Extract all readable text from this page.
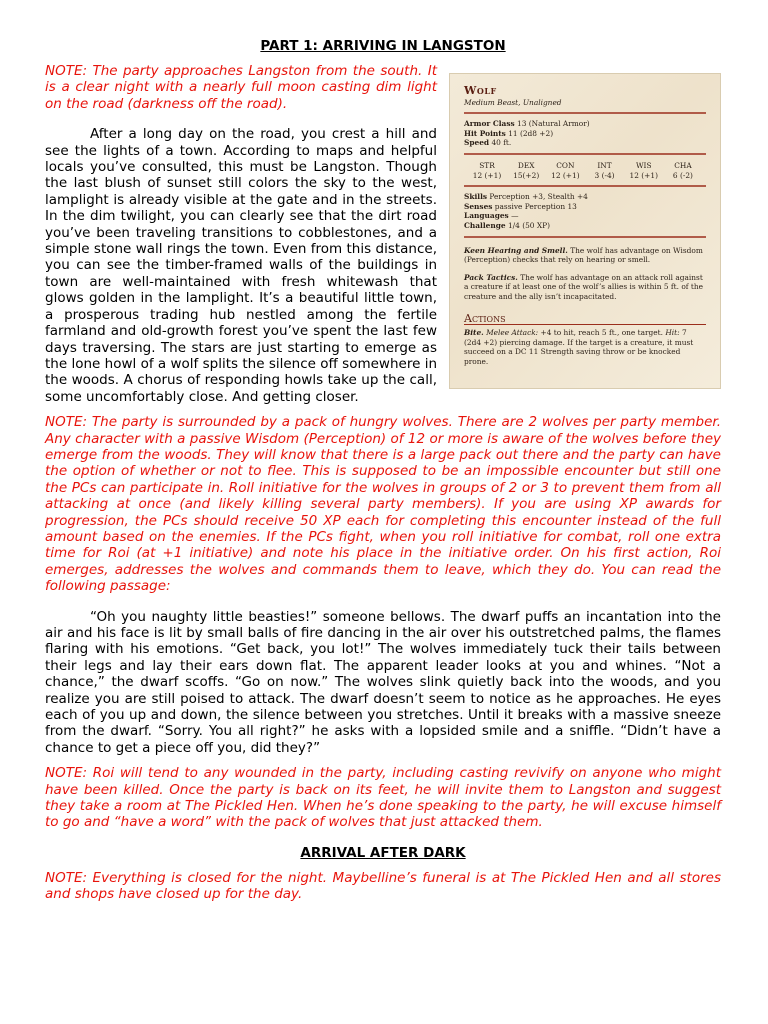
PART 1: ARRIVING IN LANGSTON

Wolf

Medium Beast, Unaligned

Armor Class 13 (Natural Armor)
Hit Points 11 (2d8 +2)
Speed 40 ft.
STR
12 (+1)
DEX
15(+2)
CON
12 (+1)
INT
3 (-4)
WIS
12 (+1)
CHA
6 (-2)
Skills Perception +3, Stealth +4
Senses passive Perception 13
Languages —
Challenge 1/4 (50 XP)

Keen Hearing and Smell. The wolf has advantage on Wisdom (Perception) checks that rely on hearing or smell.

Pack Tactics. The wolf has advantage on an attack roll against a creature if at least one of the wolf’s allies is within 5 ft. of the creature and the ally isn’t incapacitated.

Actions

Bite. Melee Attack: +4 to hit, reach 5 ft., one target. Hit: 7 (2d4 +2) piercing damage. If the target is a creature, it must succeed on a DC 11 Strength saving throw or be knocked prone.

NOTE: The party approaches Langston from the south. It is a clear night with a nearly full moon casting dim light on the road (darkness off the road).

After a long day on the road, you crest a hill and see the lights of a town. According to maps and helpful locals you’ve consulted, this must be Langston. Though the last blush of sunset still colors the sky to the west, lamplight is already visible at the gate and in the streets. In the dim twilight, you can clearly see that the dirt road you’ve been traveling transitions to cobblestones, and a simple stone wall rings the town. Even from this distance, you can see the timber-framed walls of the buildings in town are well-maintained with fresh whitewash that glows golden in the lamplight. It’s a beautiful little town, a prosperous trading hub nestled among the fertile farmland and old-growth forest you’ve spent the last few days traversing. The stars are just starting to emerge as the lone howl of a wolf splits the silence off somewhere in the woods. A chorus of responding howls take up the call, some uncomfortably close. And getting closer.

NOTE: The party is surrounded by a pack of hungry wolves. There are 2 wolves per party member. Any character with a passive Wisdom (Perception) of 12 or more is aware of the wolves before they emerge from the woods. They will know that there is a large pack out there and the party can have the option of whether or not to flee. This is supposed to be an impossible encounter but still one the PCs can participate in. Roll initiative for the wolves in groups of 2 or 3 to prevent them from all attacking at once (and likely killing several party members). If you are using XP awards for progression, the PCs should receive 50 XP each for completing this encounter instead of the full amount based on the enemies. If the PCs fight, when you roll initiative for combat, roll one extra time for Roi (at +1 initiative) and note his place in the initiative order. On his first action, Roi emerges, addresses the wolves and commands them to leave, which they do. You can read the following passage:

“Oh you naughty little beasties!” someone bellows. The dwarf puffs an incantation into the air and his face is lit by small balls of fire dancing in the air over his outstretched palms, the flames flaring with his emotions. “Get back, you lot!” The wolves immediately tuck their tails between their legs and lay their ears down flat. The apparent leader looks at you and whines. “Not a chance,” the dwarf scoffs. “Go on now.” The wolves slink quietly back into the woods, and you realize you are still poised to attack. The dwarf doesn’t seem to notice as he approaches. He eyes each of you up and down, the silence between you stretches. Until it breaks with a massive sneeze from the dwarf. “Sorry. You all right?” he asks with a lopsided smile and a sniffle. “Didn’t have a chance to get a piece off you, did they?”

NOTE: Roi will tend to any wounded in the party, including casting revivify on anyone who might have been killed. Once the party is back on its feet, he will invite them to Langston and suggest they take a room at The Pickled Hen. When he’s done speaking to the party, he will excuse himself to go and “have a word” with the pack of wolves that just attacked them.

ARRIVAL AFTER DARK

NOTE: Everything is closed for the night. Maybelline’s funeral is at The Pickled Hen and all stores and shops have closed up for the day.
